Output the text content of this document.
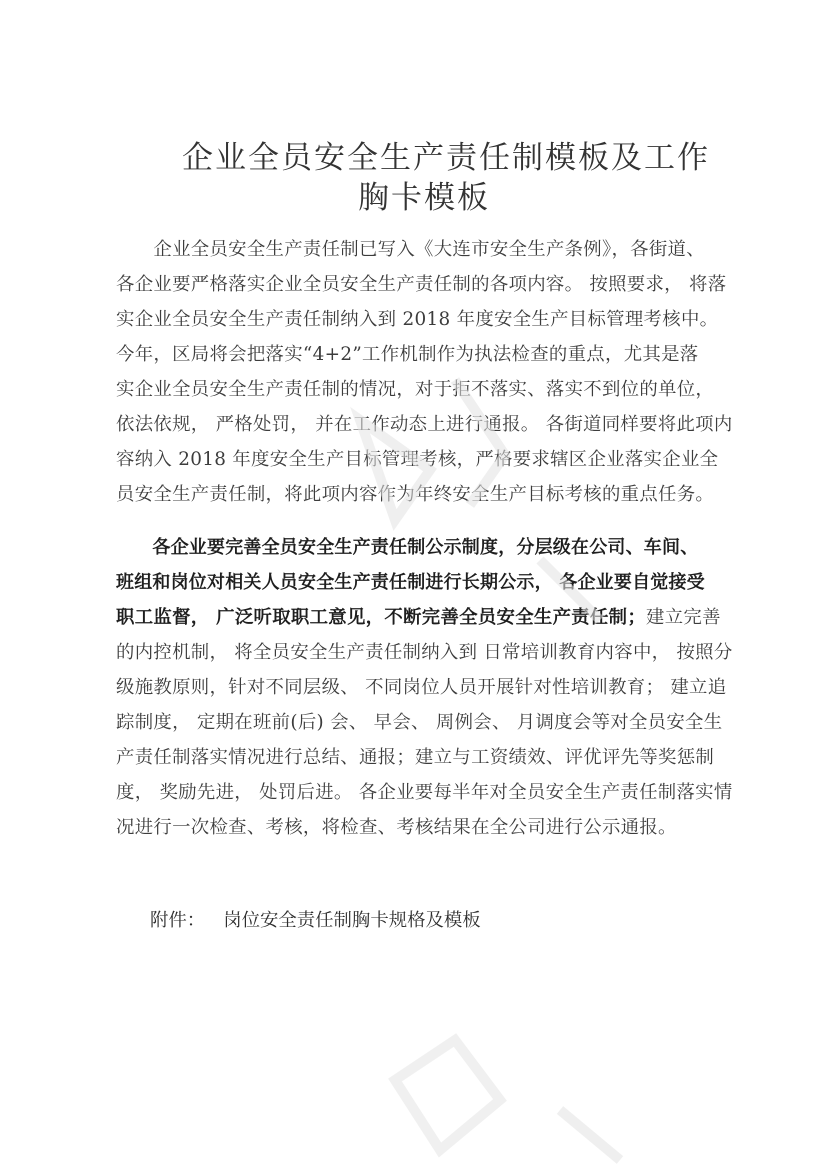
企业全员安全生产责任制模板及工作
胸卡模板
　　企业全员安全生产责任制已写入《大连市安全生产条例》，各街道、
各企业要严格落实企业全员安全生产责任制的各项内容。 按照要求， 将落
实企业全员安全生产责任制纳入到 2018 年度安全生产目标管理考核中。
今年，区局将会把落实“4+2”工作机制作为执法检查的重点，尤其是落
实企业全员安全生产责任制的情况，对于拒不落实、落实不到位的单位，
依法依规， 严格处罚， 并在工作动态上进行通报。 各街道同样要将此项内
容纳入 2018 年度安全生产目标管理考核，严格要求辖区企业落实企业全
员安全生产责任制，将此项内容作为年终安全生产目标考核的重点任务。
　　各企业要完善全员安全生产责任制公示制度，分层级在公司、车间、
班组和岗位对相关人员安全生产责任制进行长期公示， 各企业要自觉接受
职工监督， 广泛听取职工意见，不断完善全员安全生产责任制；建立完善
的内控机制， 将全员安全生产责任制纳入到 日常培训教育内容中， 按照分
级施教原则，针对不同层级、 不同岗位人员开展针对性培训教育； 建立追
踪制度， 定期在班前(后) 会、 早会、 周例会、 月调度会等对全员安全生
产责任制落实情况进行总结、通报；建立与工资绩效、评优评先等奖惩制
度， 奖励先进， 处罚后进。 各企业要每半年对全员安全生产责任制落实情
况进行一次检查、考核，将检查、考核结果在全公司进行公示通报。
附件： 岗位安全责任制胸卡规格及模板
